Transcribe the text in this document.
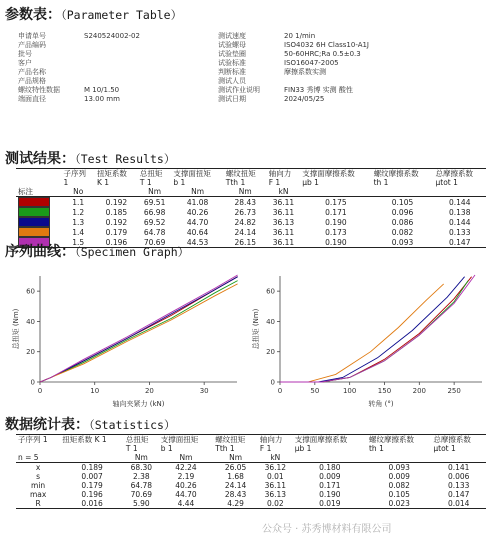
参数表：（Parameter Table）
申请单号	S240524002-02
产品编码
批号
客户
产品名称
产品规格
螺纹特性数据	M 10/1.50
端面直径	13.00 mm
测试速度	20 1/min
试验螺母	ISO4032 6H Class10-A1J
试验垫圈	50-60HRC;Ra 0.5±0.3
试验标准	ISO16047-2005
判断标准	摩擦系数实测
测试人员
测试作业说明	FIN33 秀博 实测 酸性
测试日期	2024/05/25
测试结果：（Test Results）
	子序列	扭矩系数	总扭矩	支撑面扭矩	螺纹扭矩	轴向力	支撑面摩擦系数	螺纹摩擦系数	总摩擦系数
	1	K 1	T 1	b 1	Tth 1	F 1	μb 1	th 1	μtot 1
标注	No		Nm	Nm	Nm	kN			
	1.1	0.192	69.51	41.08	28.43	36.11	0.175	0.105	0.144
	1.2	0.185	66.98	40.26	26.73	36.11	0.171	0.096	0.138
	1.3	0.192	69.52	44.70	24.82	36.13	0.190	0.086	0.144
	1.4	0.179	64.78	40.64	24.14	36.11	0.173	0.082	0.133
	1.5	0.196	70.69	44.53	26.15	36.11	0.190	0.093	0.147
序列曲线：（Specimen Graph）
0	10	20	30
0
20
40
60
轴向夹紧力 (kN)
总扭矩 (Nm)
0	50	100	150	200	250
0
20
40
60
转角 (°)
总扭矩 (Nm)
数据统计表：（Statistics）
子序列 1	扭矩系数 K 1	总扭矩	支撑面扭矩	螺纹扭矩	轴向力	支撑面摩擦系数	螺纹摩擦系数	总摩擦系数
		T 1	b 1	Tth 1	F 1	μb 1	th 1	μtot 1
n = 5		Nm	Nm	Nm	kN			
x	0.189	68.30	42.24	26.05	36.12	0.180	0.093	0.141
s	0.007	2.38	2.19	1.68	0.01	0.009	0.009	0.006
min	0.179	64.78	40.26	24.14	36.11	0.171	0.082	0.133
max	0.196	70.69	44.70	28.43	36.13	0.190	0.105	0.147
R	0.016	5.90	4.44	4.29	0.02	0.019	0.023	0.014
公众号 · 苏秀博材料有限公司
